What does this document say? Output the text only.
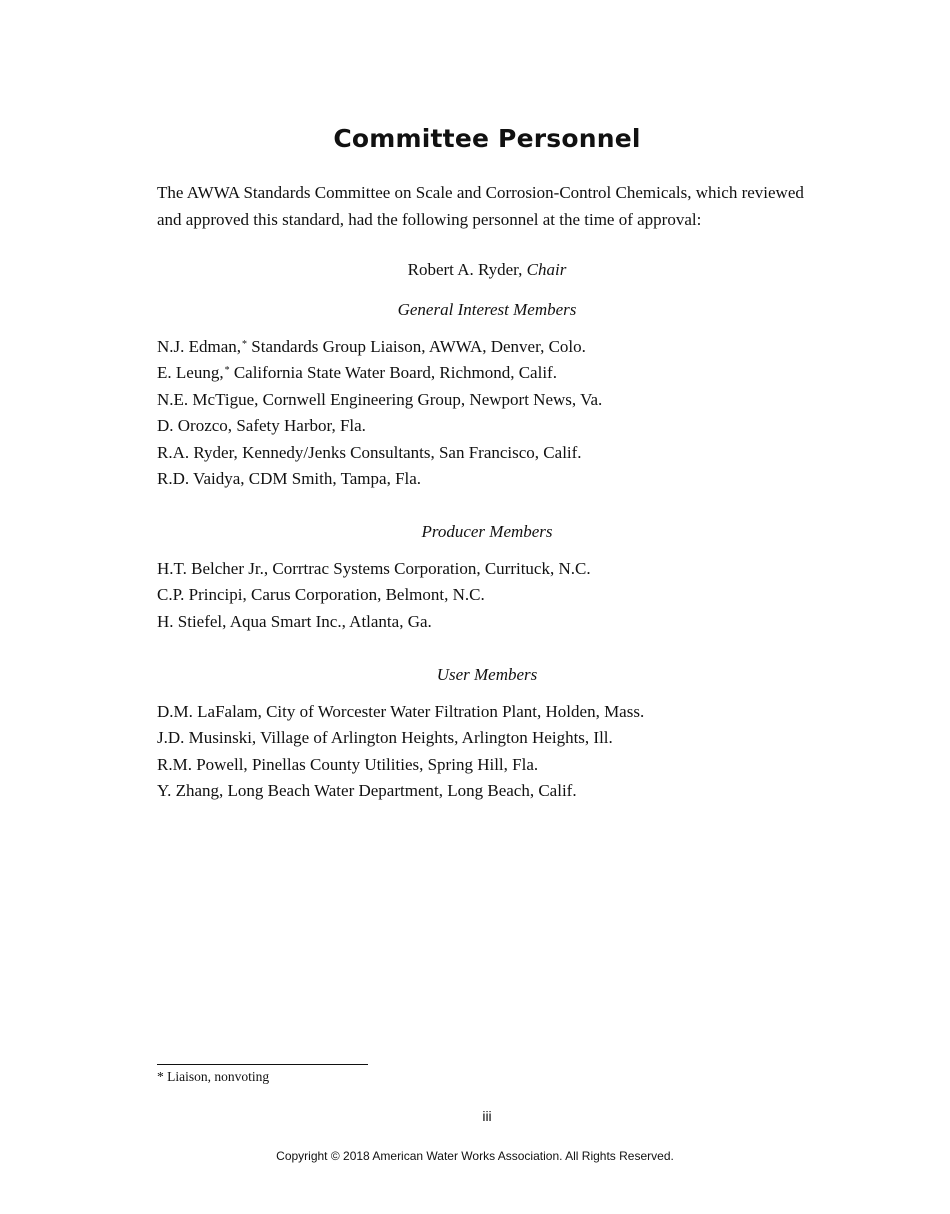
Committee Personnel

The AWWA Standards Committee on Scale and Corrosion-Control Chemicals, which reviewed and approved this standard, had the following personnel at the time of approval:

Robert A. Ryder, Chair
General Interest Members
N.J. Edman,* Standards Group Liaison, AWWA, Denver, Colo.
E. Leung,* California State Water Board, Richmond, Calif.
N.E. McTigue, Cornwell Engineering Group, Newport News, Va.
D. Orozco, Safety Harbor, Fla.
R.A. Ryder, Kennedy/Jenks Consultants, San Francisco, Calif.
R.D. Vaidya, CDM Smith, Tampa, Fla.
Producer Members
H.T. Belcher Jr., Corrtrac Systems Corporation, Currituck, N.C.
C.P. Principi, Carus Corporation, Belmont, N.C.
H. Stiefel, Aqua Smart Inc., Atlanta, Ga.
User Members
D.M. LaFalam, City of Worcester Water Filtration Plant, Holden, Mass.
J.D. Musinski, Village of Arlington Heights, Arlington Heights, Ill.
R.M. Powell, Pinellas County Utilities, Spring Hill, Fla.
Y. Zhang, Long Beach Water Department, Long Beach, Calif.
* Liaison, nonvoting
iii
Copyright © 2018 American Water Works Association. All Rights Reserved.
